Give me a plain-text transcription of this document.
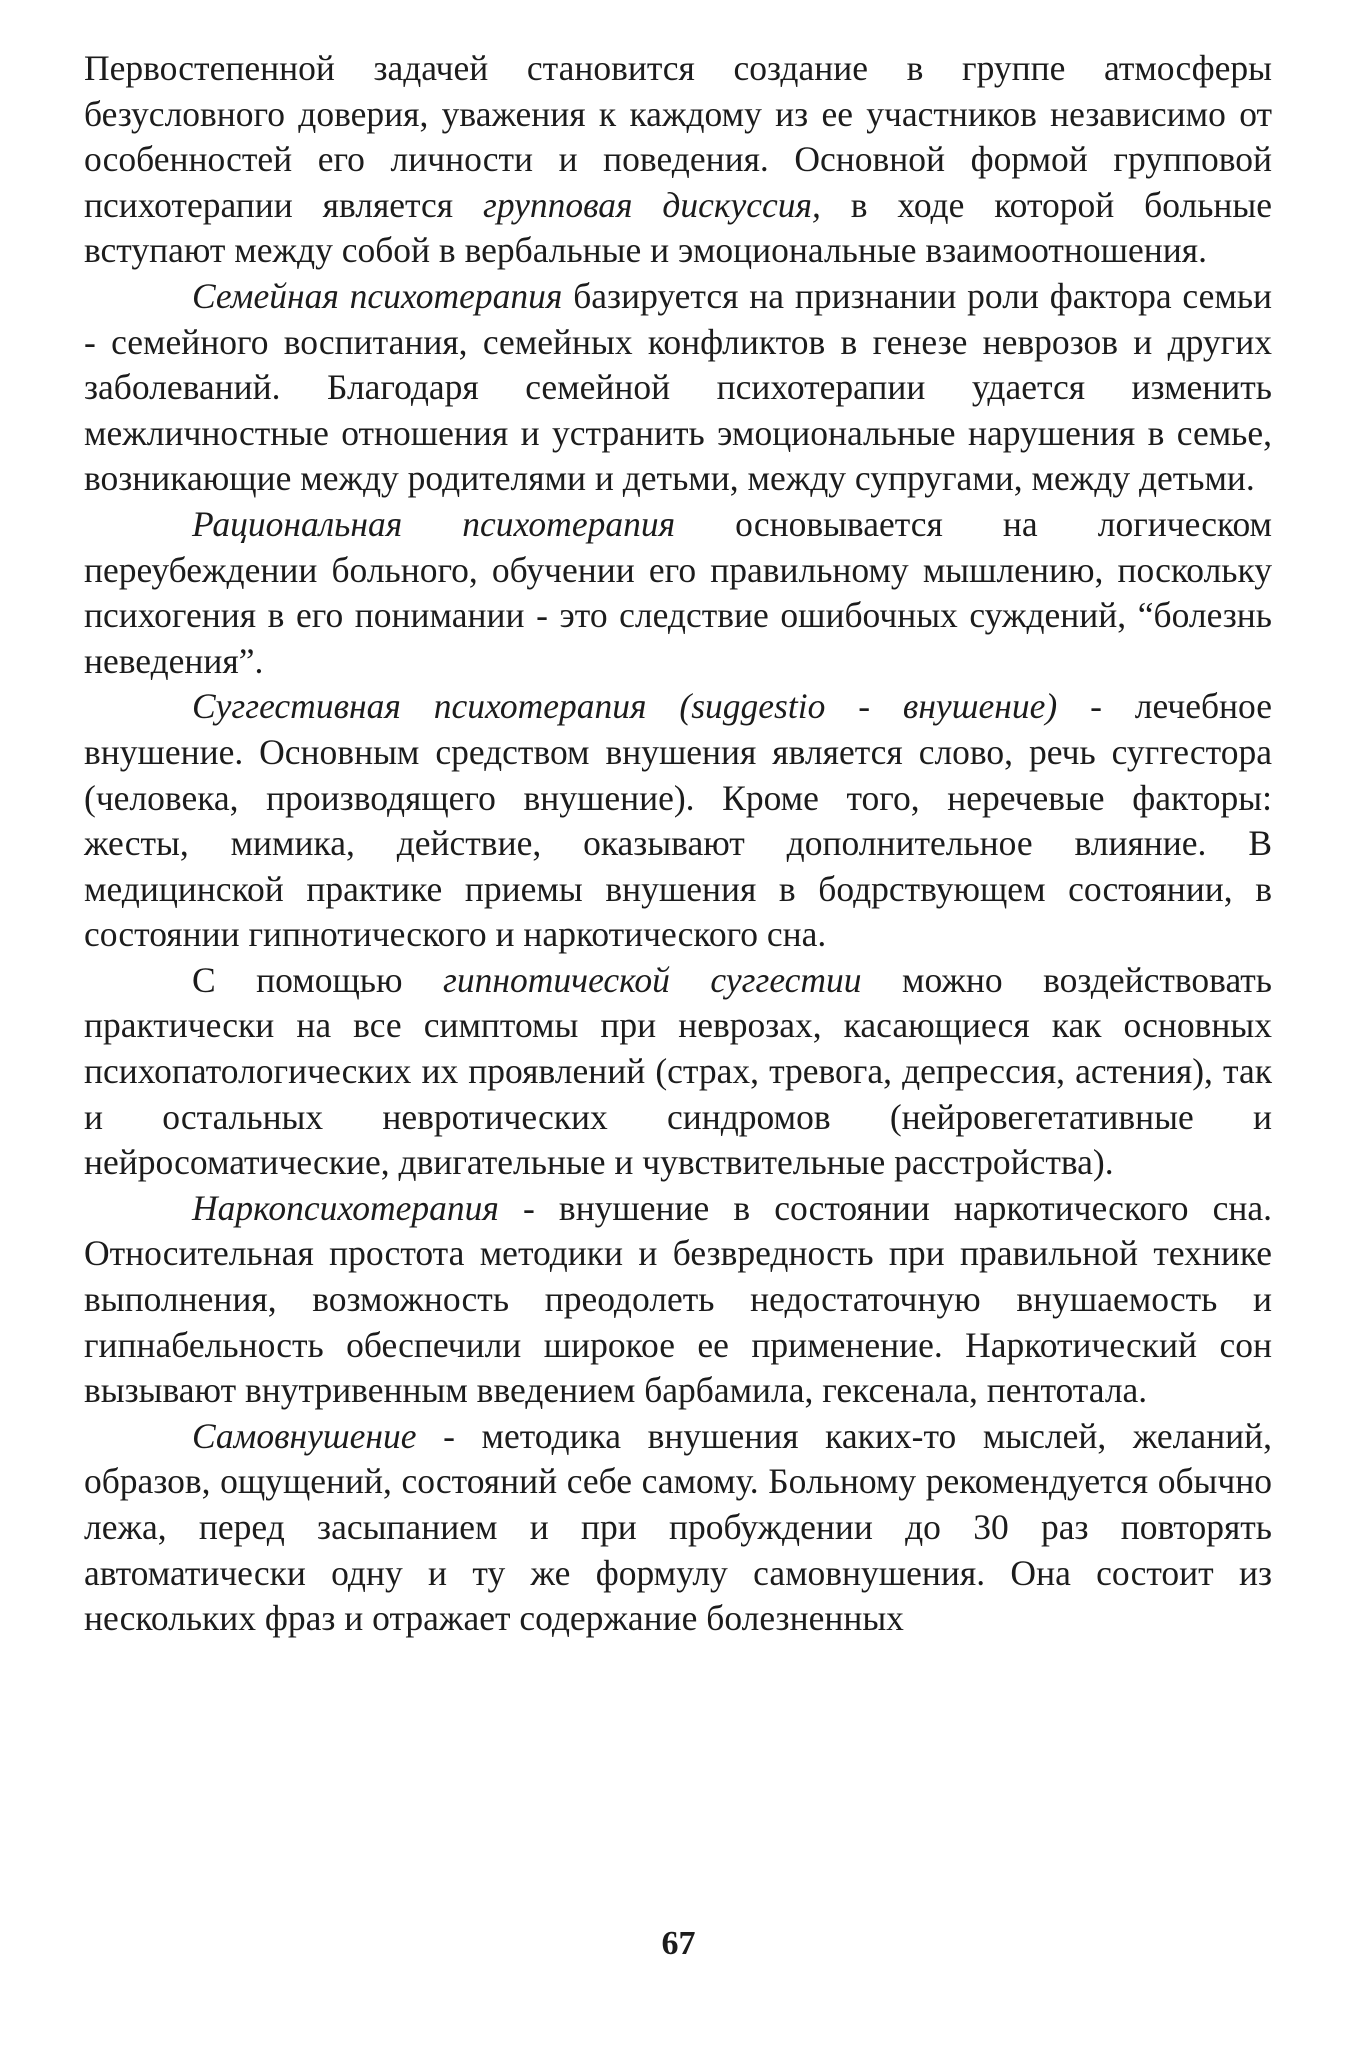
Первостепенной задачей становится создание в группе атмосферы безусловного доверия, уважения к каждому из ее участников независимо от особенностей его личности и поведения. Основной формой групповой психотерапии является групповая дискуссия, в ходе которой больные вступают между собой в вербальные и эмоциональные взаимоотношения.

Семейная психотерапия базируется на признании роли фактора семьи - семейного воспитания, семейных конфликтов в генезе неврозов и других заболеваний. Благодаря семейной психотерапии удается изменить межличностные отношения и устранить эмоциональные нарушения в семье, возникающие между родителями и детьми, между супругами, между детьми.

Рациональная психотерапия основывается на логическом переубеждении больного, обучении его правильному мышлению, поскольку психогения в его понимании - это следствие ошибочных суждений, “болезнь неведения”.

Суггестивная психотерапия (suggestio - внушение) - лечебное внушение. Основным средством внушения является слово, речь суггестора (человека, производящего внушение). Кроме того, неречевые факторы: жесты, мимика, действие, оказывают дополнительное влияние. В медицинской практике приемы внушения в бодрствующем состоянии, в состоянии гипнотического и наркотического сна.

С помощью гипнотической суггестии можно воздействовать практически на все симптомы при неврозах, касающиеся как основных психопатологических их проявлений (страх, тревога, депрессия, астения), так и остальных невротических синдромов (нейровегетативные и нейросоматические, двигательные и чувствительные расстройства).

Наркопсихотерапия - внушение в состоянии наркотического сна. Относительная простота методики и безвредность при правильной технике выполнения, возможность преодолеть недостаточную внушаемость и гипнабельность обеспечили широкое ее применение. Наркотический сон вызывают внутривенным введением барбамила, гексенала, пентотала.

Самовнушение - методика внушения каких-то мыслей, желаний, образов, ощущений, состояний себе самому. Больному рекомендуется обычно лежа, перед засыпанием и при пробуждении до 30 раз повторять автоматически одну и ту же формулу самовнушения. Она состоит из нескольких фраз и отражает содержание болезненных

67
